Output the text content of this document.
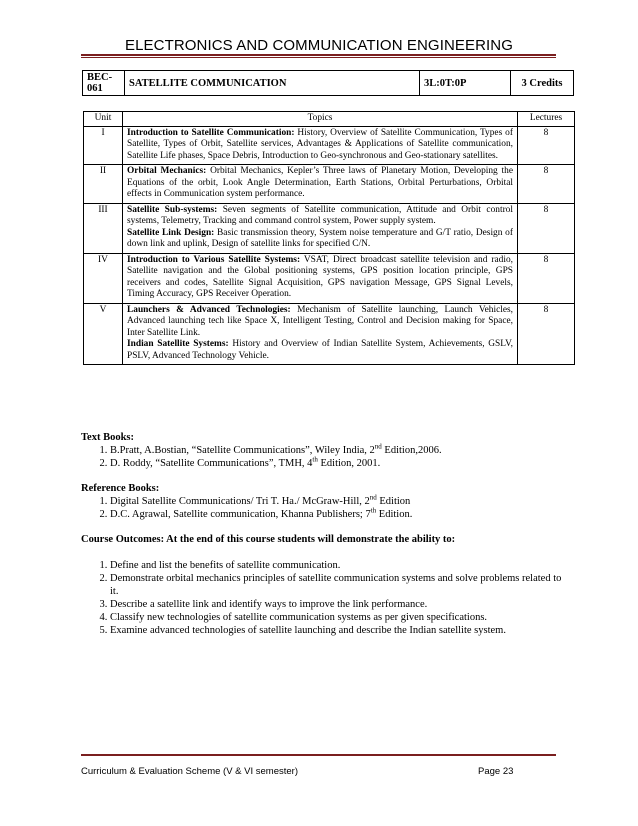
ELECTRONICS AND COMMUNICATION ENGINEERING
BEC-061	SATELLITE COMMUNICATION	3L:0T:0P	3 Credits
Unit	Topics	Lectures
I	Introduction to Satellite Communication: History, Overview of Satellite Communication, Types of Satellite, Types of Orbit, Satellite services, Advantages & Applications of Satellite communication, Satellite Life phases, Space Debris, Introduction to Geo-synchronous and Geo-stationary satellites.	8
II	Orbital Mechanics: Orbital Mechanics, Kepler’s Three laws of Planetary Motion, Developing the Equations of the orbit, Look Angle Determination, Earth Stations, Orbital Perturbations, Orbital effects in Communication system performance.	8
III	Satellite Sub-systems: Seven segments of Satellite communication, Attitude and Orbit control systems, Telemetry, Tracking and command control system, Power supply system.
Satellite Link Design: Basic transmission theory, System noise temperature and G/T ratio, Design of down link and uplink, Design of satellite links for specified C/N.	8
IV	Introduction to Various Satellite Systems: VSAT, Direct broadcast satellite television and radio, Satellite navigation and the Global positioning systems, GPS position location principle, GPS receivers and codes, Satellite Signal Acquisition, GPS navigation Message, GPS Signal Levels, Timing Accuracy, GPS Receiver Operation.	8
V	Launchers & Advanced Technologies: Mechanism of Satellite launching, Launch Vehicles, Advanced launching tech like Space X, Intelligent Testing, Control and Decision making for Space, Inter Satellite Link.
Indian Satellite Systems: History and Overview of Indian Satellite System, Achievements, GSLV, PSLV, Advanced Technology Vehicle.	8
Text Books:
1. B.Pratt, A.Bostian, “Satellite Communications”, Wiley India, 2nd Edition,2006.
2. D. Roddy, “Satellite Communications”, TMH, 4th Edition, 2001.
Reference Books:
1. Digital Satellite Communications/ Tri T. Ha./ McGraw-Hill, 2nd Edition
2. D.C. Agrawal, Satellite communication, Khanna Publishers; 7th Edition.
Course Outcomes: At the end of this course students will demonstrate the ability to:
1. Define and list the benefits of satellite communication.
2. Demonstrate orbital mechanics principles of satellite communication systems and solve problems related to it.
3. Describe a satellite link and identify ways to improve the link performance.
4. Classify new technologies of satellite communication systems as per given specifications.
5. Examine advanced technologies of satellite launching and describe the Indian satellite system.
Curriculum & Evaluation Scheme (V & VI semester)	Page 23
